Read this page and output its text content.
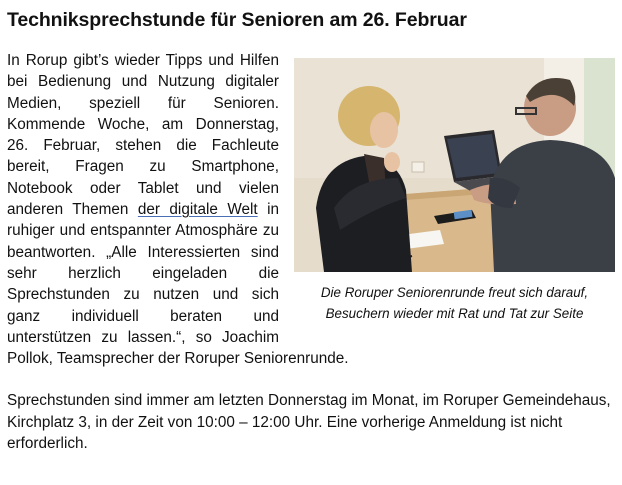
Techniksprechstunde für Senioren am 26. Februar
Die Roruper Seniorenrunde freut sich darauf, Besuchern wieder mit Rat und Tat zur Seite

In Rorup gibt’s wieder Tipps und Hilfen bei Bedienung und Nutzung digitaler Medien, speziell für Senioren. Kommende Woche, am Donnerstag, 26. Februar, stehen die Fachleute bereit, Fragen zu Smartphone, Notebook oder Tablet und vielen anderen Themen der digitale Welt in ruhiger und entspannter Atmosphäre zu beantworten. „Alle Interessierten sind sehr herzlich eingeladen die Sprechstunden zu nutzen und sich ganz individuell beraten und unterstützen zu lassen.“, so Joachim Pollok, Teamsprecher der Roruper Seniorenrunde.

Sprechstunden sind immer am letzten Donnerstag im Monat, im Roruper Gemeindehaus, Kirchplatz 3, in der Zeit von 10:00 – 12:00 Uhr. Eine vorherige Anmeldung ist nicht erforderlich.
